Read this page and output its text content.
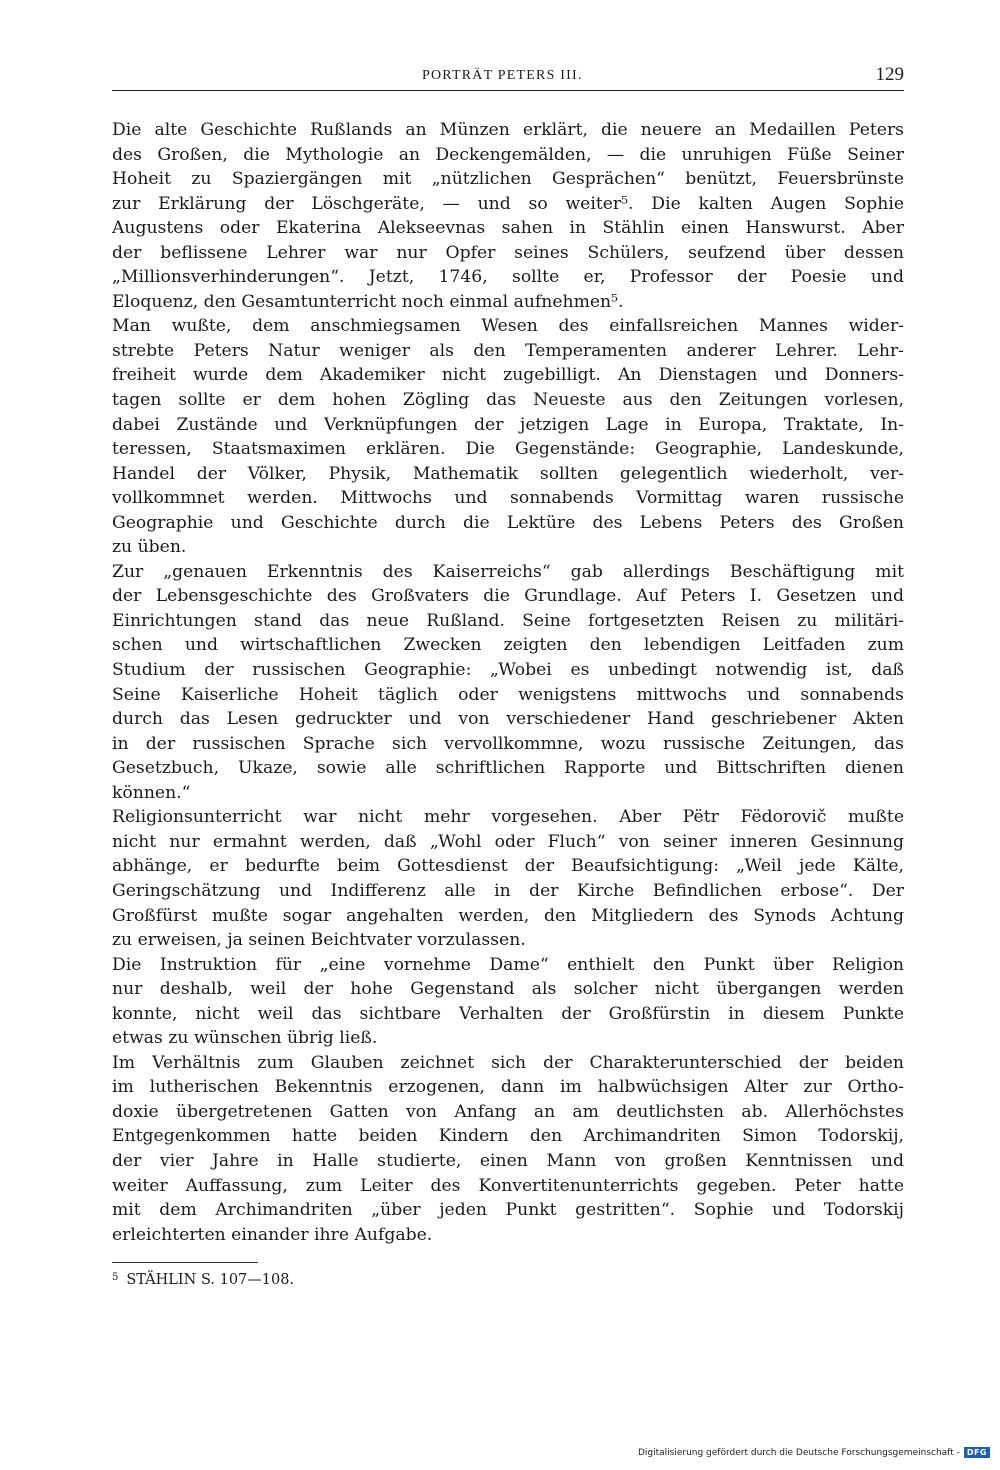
PORTRÄT PETERS III.	129
Die alte Geschichte Rußlands an Münzen erklärt, die neuere an Medaillen Peters
des Großen, die Mythologie an Deckengemälden, — die unruhigen Füße Seiner
Hoheit zu Spaziergängen mit „nützlichen Gesprächen“ benützt, Feuersbrünste
zur Erklärung der Löschgeräte, — und so weiter⁵. Die kalten Augen Sophie
Augustens oder Ekaterina Alekseevnas sahen in Stählin einen Hanswurst. Aber
der beflissene Lehrer war nur Opfer seines Schülers, seufzend über dessen
„Millionsverhinderungen“. Jetzt, 1746, sollte er, Professor der Poesie und
Eloquenz, den Gesamtunterricht noch einmal aufnehmen⁵.
Man wußte, dem anschmiegsamen Wesen des einfallsreichen Mannes wider-
strebte Peters Natur weniger als den Temperamenten anderer Lehrer. Lehr-
freiheit wurde dem Akademiker nicht zugebilligt. An Dienstagen und Donners-
tagen sollte er dem hohen Zögling das Neueste aus den Zeitungen vorlesen,
dabei Zustände und Verknüpfungen der jetzigen Lage in Europa, Traktate, In-
teressen, Staatsmaximen erklären. Die Gegenstände: Geographie, Landeskunde,
Handel der Völker, Physik, Mathematik sollten gelegentlich wiederholt, ver-
vollkommnet werden. Mittwochs und sonnabends Vormittag waren russische
Geographie und Geschichte durch die Lektüre des Lebens Peters des Großen
zu üben.
Zur „genauen Erkenntnis des Kaiserreichs“ gab allerdings Beschäftigung mit
der Lebensgeschichte des Großvaters die Grundlage. Auf Peters I. Gesetzen und
Einrichtungen stand das neue Rußland. Seine fortgesetzten Reisen zu militäri-
schen und wirtschaftlichen Zwecken zeigten den lebendigen Leitfaden zum
Studium der russischen Geographie: „Wobei es unbedingt notwendig ist, daß
Seine Kaiserliche Hoheit täglich oder wenigstens mittwochs und sonnabends
durch das Lesen gedruckter und von verschiedener Hand geschriebener Akten
in der russischen Sprache sich vervollkommne, wozu russische Zeitungen, das
Gesetzbuch, Ukaze, sowie alle schriftlichen Rapporte und Bittschriften dienen
können.“
Religionsunterricht war nicht mehr vorgesehen. Aber Pëtr Fëdorovič mußte
nicht nur ermahnt werden, daß „Wohl oder Fluch“ von seiner inneren Gesinnung
abhänge, er bedurfte beim Gottesdienst der Beaufsichtigung: „Weil jede Kälte,
Geringschätzung und Indifferenz alle in der Kirche Befindlichen erbose“. Der
Großfürst mußte sogar angehalten werden, den Mitgliedern des Synods Achtung
zu erweisen, ja seinen Beichtvater vorzulassen.
Die Instruktion für „eine vornehme Dame“ enthielt den Punkt über Religion
nur deshalb, weil der hohe Gegenstand als solcher nicht übergangen werden
konnte, nicht weil das sichtbare Verhalten der Großfürstin in diesem Punkte
etwas zu wünschen übrig ließ.
Im Verhältnis zum Glauben zeichnet sich der Charakterunterschied der beiden
im lutherischen Bekenntnis erzogenen, dann im halbwüchsigen Alter zur Ortho-
doxie übergetretenen Gatten von Anfang an am deutlichsten ab. Allerhöchstes
Entgegenkommen hatte beiden Kindern den Archimandriten Simon Todorskij,
der vier Jahre in Halle studierte, einen Mann von großen Kenntnissen und
weiter Auffassung, zum Leiter des Konvertitenunterrichts gegeben. Peter hatte
mit dem Archimandriten „über jeden Punkt gestritten“. Sophie und Todorskij
erleichterten einander ihre Aufgabe.
$^5$ STÄHLIN S. 107—108.
Digitalisierung gefördert durch die Deutsche Forschungsgemeinschaft - DFG
